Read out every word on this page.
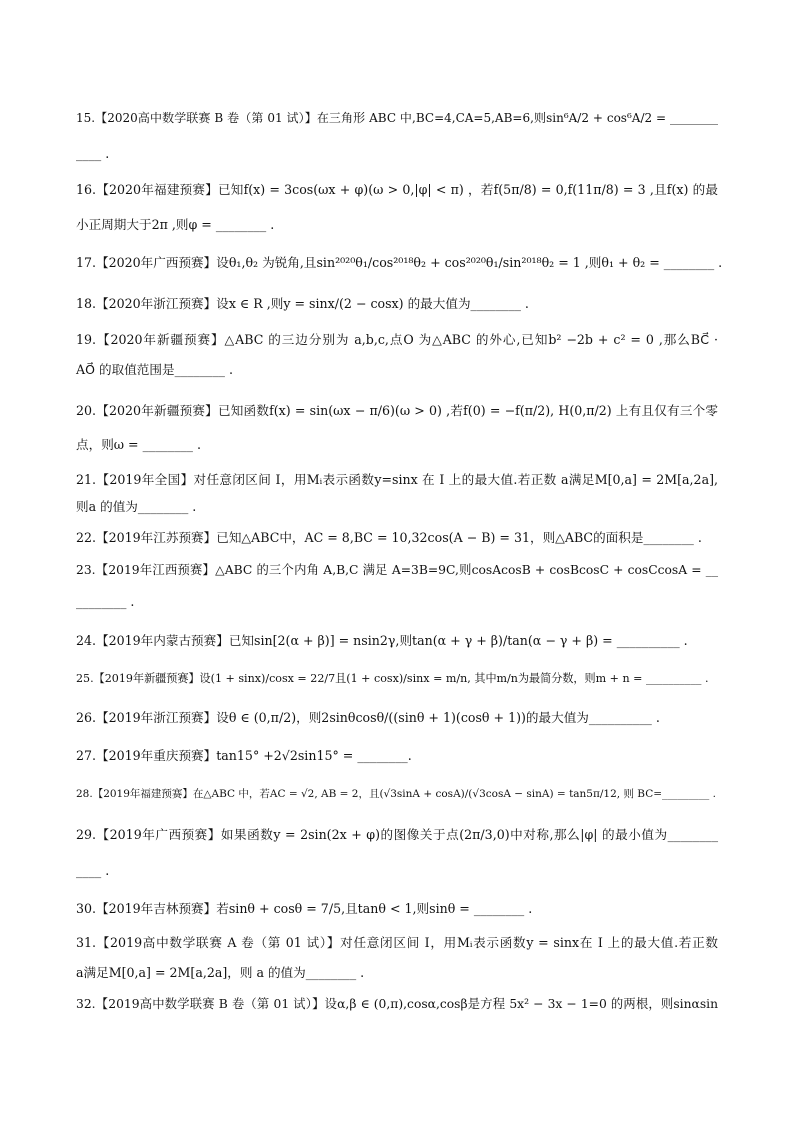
15.【2020高中数学联赛 B 卷（第 01 试）】在三角形 ABC 中,BC=4,CA=5,AB=6,则sin⁶A/2 + cos⁶A/2 = ________
____ .
16.【2020年福建预赛】已知f(x) = 3cos(ωx + φ)(ω > 0,|φ| < π) ，若f(5π/8) = 0,f(11π/8) = 3 ,且f(x) 的最
小正周期大于2π ,则φ = ________ .
17.【2020年广西预赛】设θ₁,θ₂ 为锐角,且sin²⁰²⁰θ₁/cos²⁰¹⁸θ₂ + cos²⁰²⁰θ₁/sin²⁰¹⁸θ₂ = 1 ,则θ₁ + θ₂ = ________ .
18.【2020年浙江预赛】设x ∈ R ,则y = sinx/(2 − cosx) 的最大值为________ .
19.【2020年新疆预赛】△ABC 的三边分别为 a,b,c,点O 为△ABC 的外心,已知b² −2b + c² = 0 ,那么BC⃗ ·
AO⃗ 的取值范围是________ .
20.【2020年新疆预赛】已知函数f(x) = sin(ωx − π/6)(ω > 0) ,若f(0) = −f(π/2), H(0,π/2) 上有且仅有三个零
点，则ω = ________ .
21.【2019年全国】对任意闭区间 I，用Mᵢ表示函数y=sinx 在 I 上的最大值.若正数 a满足M[0,a] = 2M[a,2a],
则a 的值为________ .
22.【2019年江苏预赛】已知△ABC中，AC = 8,BC = 10,32cos(A − B) = 31，则△ABC的面积是________ .
23.【2019年江西预赛】△ABC 的三个内角 A,B,C 满足 A=3B=9C,则cosAcosB + cosBcosC + cosCcosA = __
________ .
24.【2019年内蒙古预赛】已知sin[2(α + β)] = nsin2γ,则tan(α + γ + β)/tan(α − γ + β) = __________ .
25.【2019年新疆预赛】设(1 + sinx)/cosx = 22/7且(1 + cosx)/sinx = m/n, 其中m/n为最简分数，则m + n = __________ .
26.【2019年浙江预赛】设θ ∈ (0,π/2)，则2sinθcosθ/((sinθ + 1)(cosθ + 1))的最大值为__________ .
27.【2019年重庆预赛】tan15° +2√2sin15° = ________.
28.【2019年福建预赛】在△ABC 中，若AC = √2, AB = 2，且(√3sinA + cosA)/(√3cosA − sinA) = tan5π/12, 则 BC=_________ .
29.【2019年广西预赛】如果函数y = 2sin(2x + φ)的图像关于点(2π/3,0)中对称,那么|φ| 的最小值为________
____ .
30.【2019年吉林预赛】若sinθ + cosθ = 7/5,且tanθ < 1,则sinθ = ________ .
31.【2019高中数学联赛 A 卷（第 01 试）】对任意闭区间 I，用Mᵢ表示函数y = sinx在 I 上的最大值.若正数
a满足M[0,a] = 2M[a,2a]，则 a 的值为________ .
32.【2019高中数学联赛 B 卷（第 01 试）】设α,β ∈ (0,π),cosα,cosβ是方程 5x² − 3x − 1=0 的两根，则sinαsin
